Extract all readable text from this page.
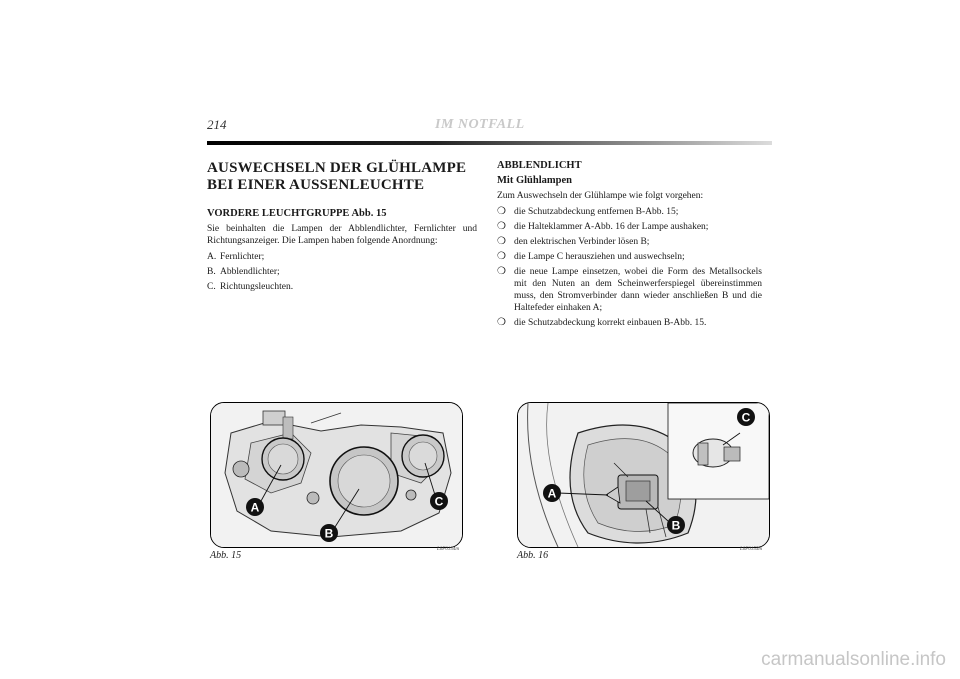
214	IM NOTFALL
AUSWECHSELN DER GLÜHLAMPE
BEI EINER AUSSENLEUCHTE
VORDERE LEUCHTGRUPPE Abb. 15

Sie beinhalten die Lampen der Abblendlichter, Fernlichter und Richtungsanzeiger. Die Lampen haben folgende Anordnung:

A. Fernlichter;
B. Abblendlichter;
C. Richtungsleuchten.
ABBLENDLICHT
Mit Glühlampen

Zum Auswechseln der Glühlampe wie folgt vorgehen:

❍ die Schutzabdeckung entfernen B-Abb. 15;
❍ die Halteklammer A-Abb. 16 der Lampe aushaken;
❍ den elektrischen Verbinder lösen B;
❍ die Lampe C herausziehen und auswechseln;
❍ die neue Lampe einsetzen, wobei die Form des Metallsockels mit den Nuten an dem Scheinwerferspiegel übereinstimmen muss, den Stromverbinder dann wieder anschließen B und die Haltefeder einhaken A;
❍ die Schutzabdeckung korrekt einbauen B-Abb. 15.
A
B
C
Abb. 15
L0F0154m
A
B
C
Abb. 16
L0F0155m
carmanualsonline.info
